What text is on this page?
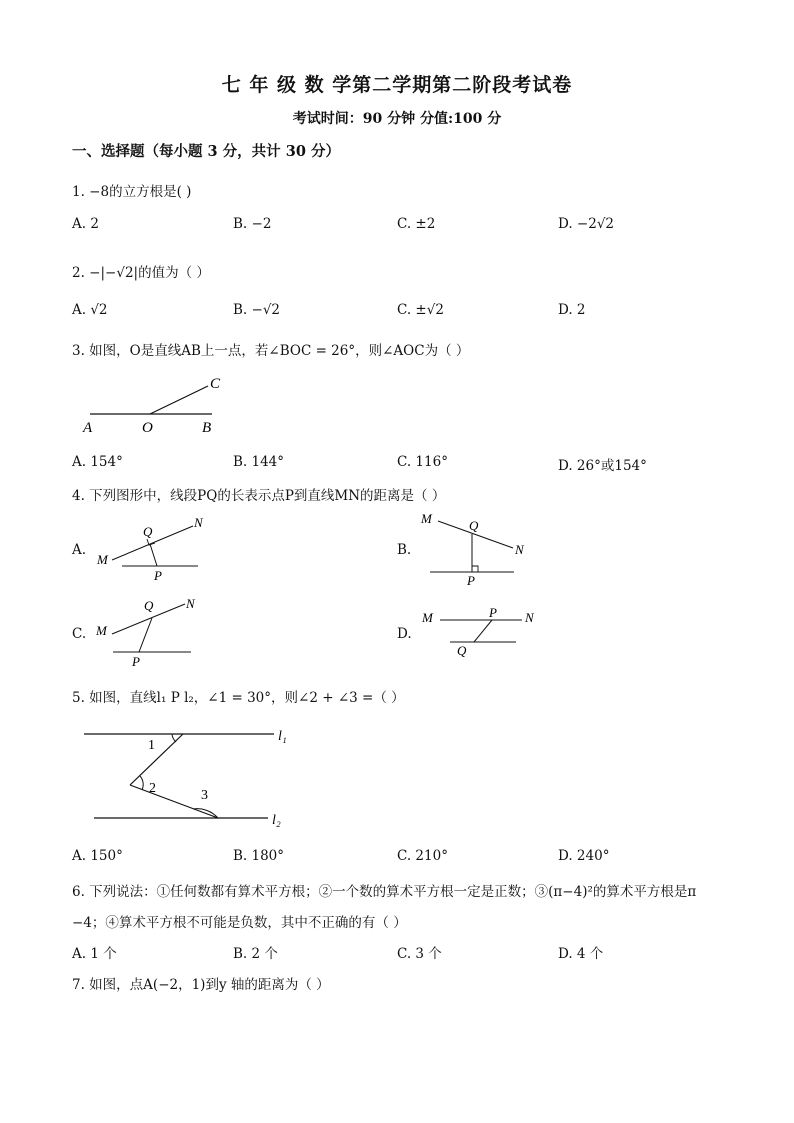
七 年 级 数 学第二学期第二阶段考试卷
考试时间：90 分钟 分值:100 分
一、选择题（每小题 3 分，共计 30 分）
1. −8的立方根是( )
A. 2	B. −2	C. ±2	D. −2√2
2. −|−√2|的值为（ ）
A. √2	B. −√2	C. ±√2	D. 2
3. 如图，O是直线AB上一点，若∠BOC = 26°，则∠AOC为（ ）
A	O	B
C
A. 154°	B. 144°	C. 116°	D. 26°或154°
4. 下列图形中，线段PQ的长表示点P到直线MN的距离是（ ）
A.
M
N
Q
P
B.
M	Q
N
P
C. M
Q	N
P
D.
M	P N
Q
5. 如图，直线l₁ P l₂，∠1 = 30°，则∠2 + ∠3 =（ ）
1
2	3
l₁
l₂
A. 150°	B. 180°	C. 210°	D. 240°
6. 下列说法：①任何数都有算术平方根；②一个数的算术平方根一定是正数；③(π−4)²的算术平方根是π
−4；④算术平方根不可能是负数，其中不正确的有（ ）
A. 1 个	B. 2 个	C. 3 个	D. 4 个
7. 如图，点A(−2，1)到y 轴的距离为（ ）
